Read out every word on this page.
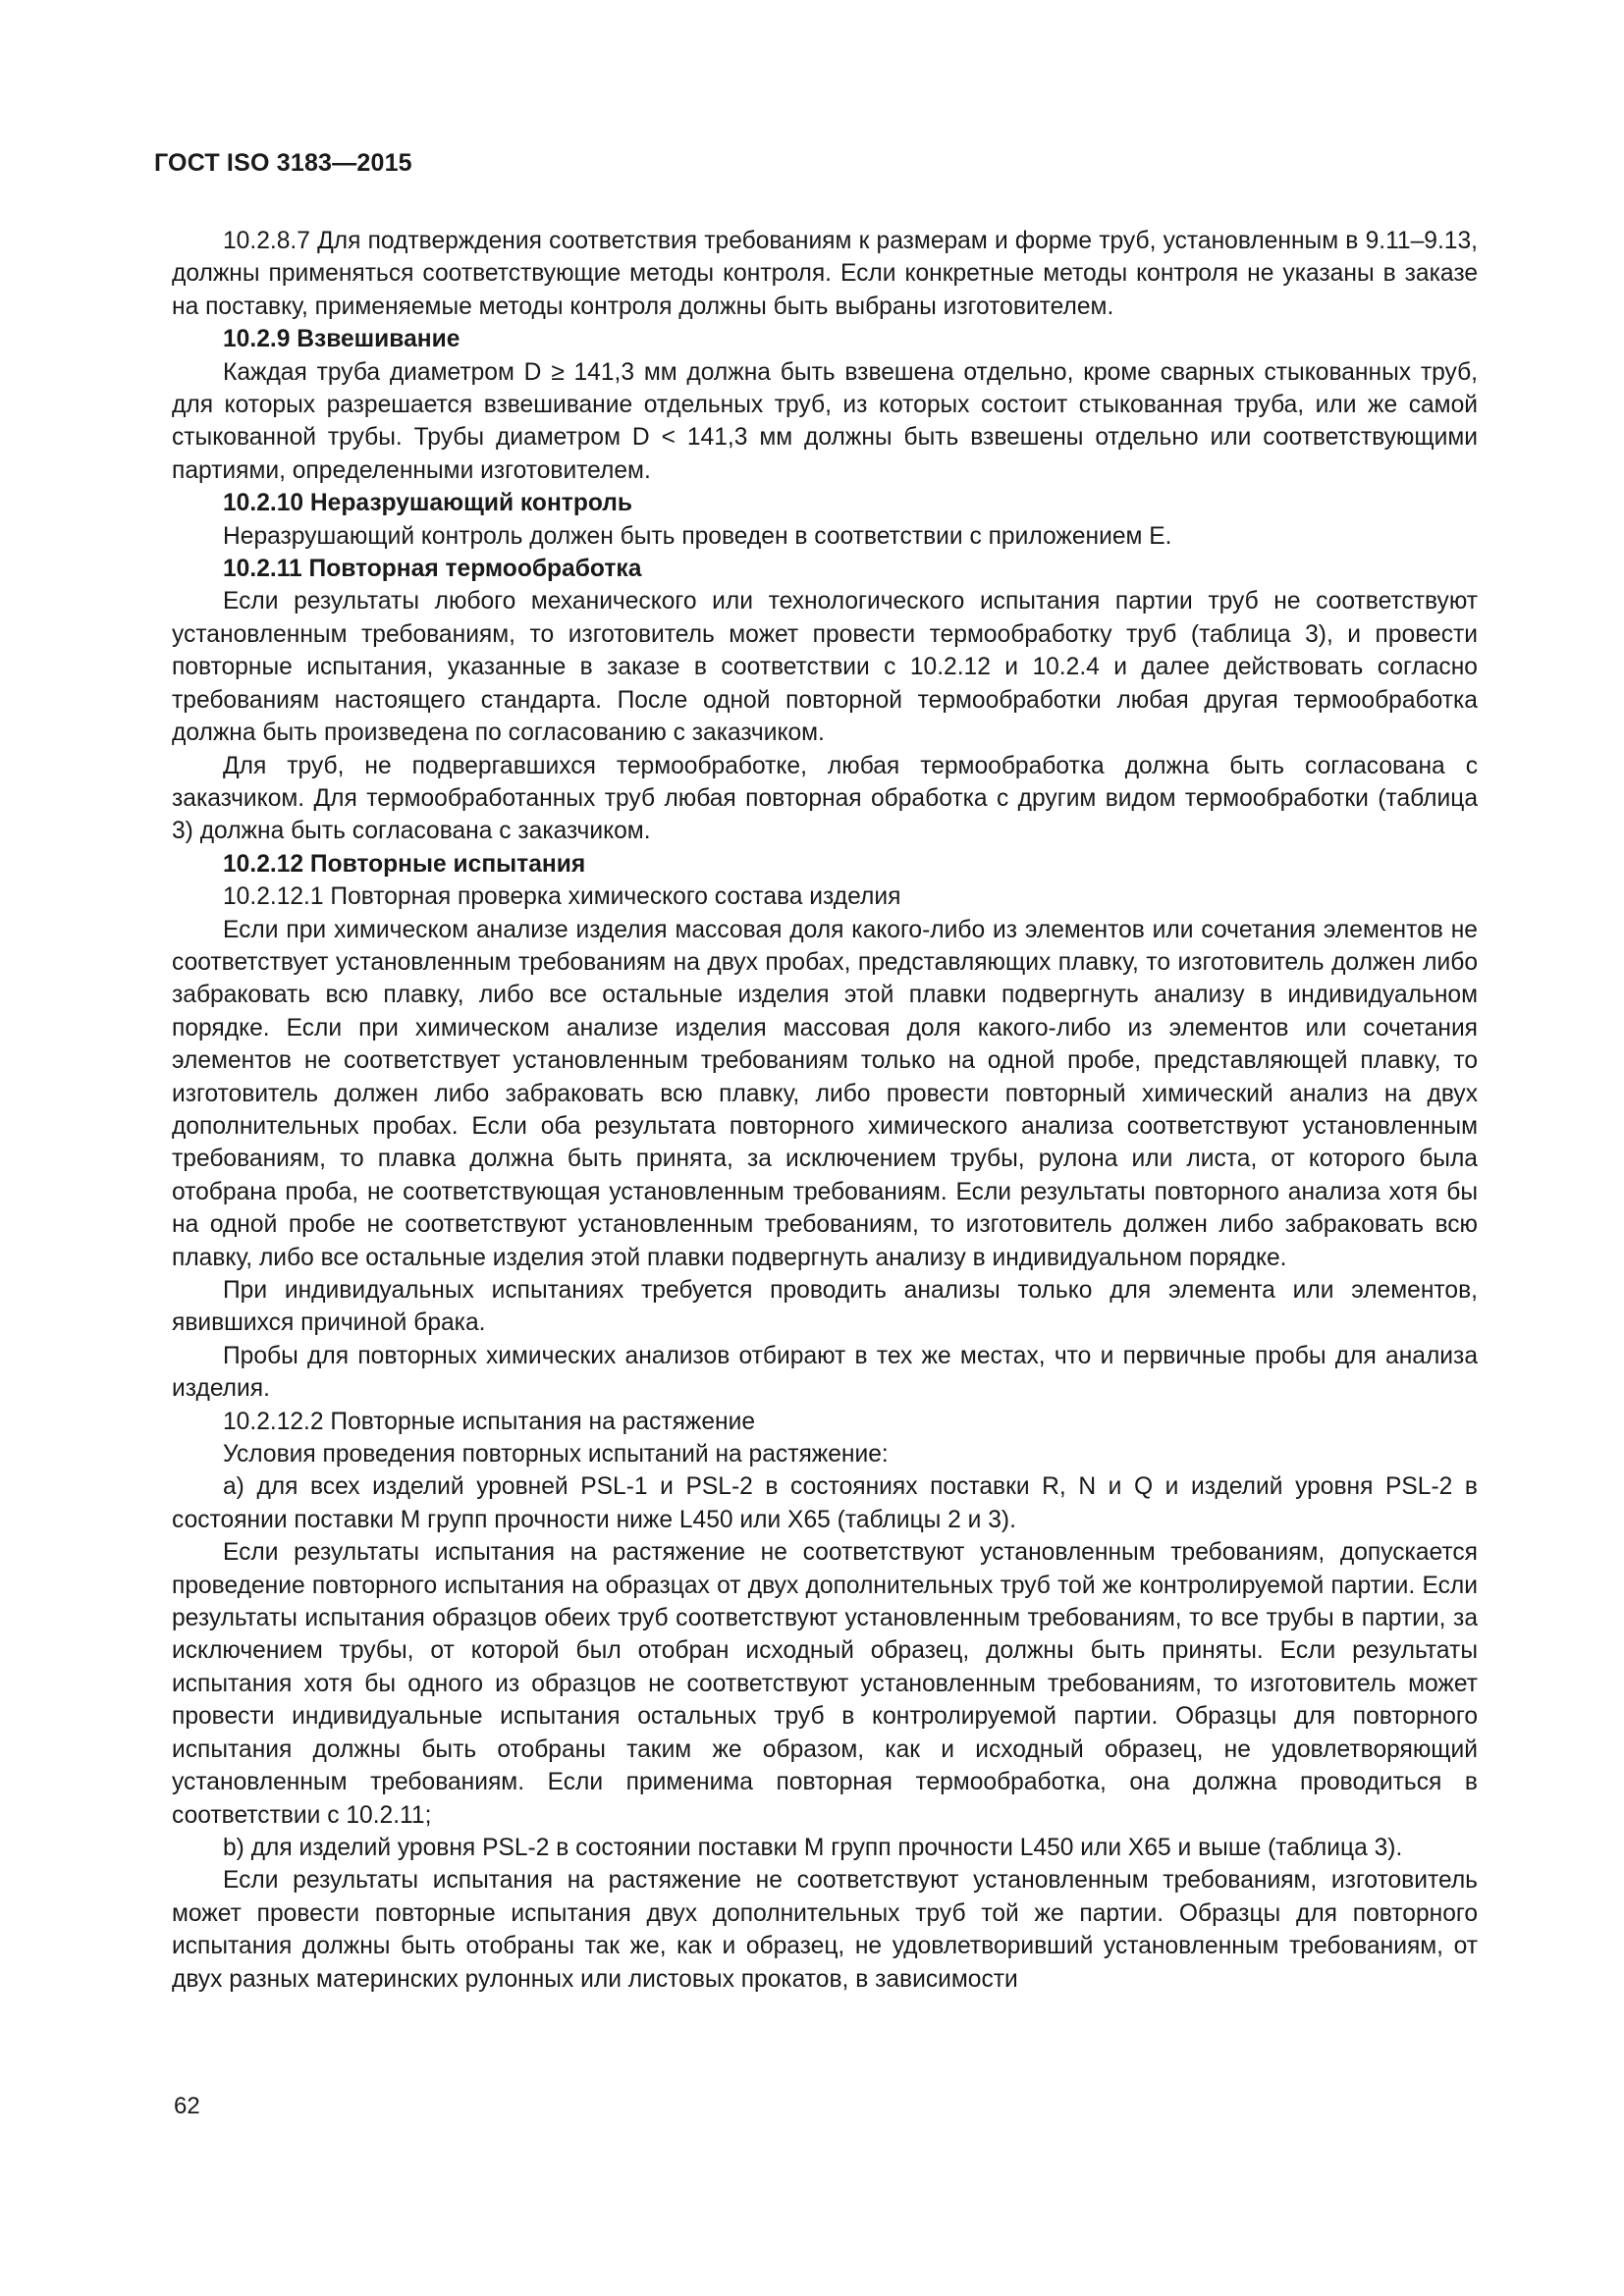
ГОСТ ISO 3183—2015

10.2.8.7 Для подтверждения соответствия требованиям к размерам и форме труб, установленным в 9.11–9.13, должны применяться соответствующие методы контроля. Если конкретные методы контроля не указаны в заказе на поставку, применяемые методы контроля должны быть выбраны изготовителем.

10.2.9 Взвешивание

Каждая труба диаметром D ≥ 141,3 мм должна быть взвешена отдельно, кроме сварных стыкованных труб, для которых разрешается взвешивание отдельных труб, из которых состоит стыкованная труба, или же самой стыкованной трубы. Трубы диаметром D < 141,3 мм должны быть взвешены отдельно или соответствующими партиями, определенными изготовителем.

10.2.10 Неразрушающий контроль

Неразрушающий контроль должен быть проведен в соответствии с приложением E.

10.2.11 Повторная термообработка

Если результаты любого механического или технологического испытания партии труб не соответствуют установленным требованиям, то изготовитель может провести термообработку труб (таблица 3), и провести повторные испытания, указанные в заказе в соответствии с 10.2.12 и 10.2.4 и далее действовать согласно требованиям настоящего стандарта. После одной повторной термообработки любая другая термообработка должна быть произведена по согласованию с заказчиком.

Для труб, не подвергавшихся термообработке, любая термообработка должна быть согласована с заказчиком. Для термообработанных труб любая повторная обработка с другим видом термообработки (таблица 3) должна быть согласована с заказчиком.

10.2.12 Повторные испытания

10.2.12.1 Повторная проверка химического состава изделия

Если при химическом анализе изделия массовая доля какого-либо из элементов или сочетания элементов не соответствует установленным требованиям на двух пробах, представляющих плавку, то изготовитель должен либо забраковать всю плавку, либо все остальные изделия этой плавки подвергнуть анализу в индивидуальном порядке. Если при химическом анализе изделия массовая доля какого-либо из элементов или сочетания элементов не соответствует установленным требованиям только на одной пробе, представляющей плавку, то изготовитель должен либо забраковать всю плавку, либо провести повторный химический анализ на двух дополнительных пробах. Если оба результата повторного химического анализа соответствуют установленным требованиям, то плавка должна быть принята, за исключением трубы, рулона или листа, от которого была отобрана проба, не соответствующая установленным требованиям. Если результаты повторного анализа хотя бы на одной пробе не соответствуют установленным требованиям, то изготовитель должен либо забраковать всю плавку, либо все остальные изделия этой плавки подвергнуть анализу в индивидуальном порядке.

При индивидуальных испытаниях требуется проводить анализы только для элемента или элементов, явившихся причиной брака.

Пробы для повторных химических анализов отбирают в тех же местах, что и первичные пробы для анализа изделия.

10.2.12.2 Повторные испытания на растяжение

Условия проведения повторных испытаний на растяжение:

a) для всех изделий уровней PSL-1 и PSL-2 в состояниях поставки R, N и Q и изделий уровня PSL-2 в состоянии поставки M групп прочности ниже L450 или X65 (таблицы 2 и 3).

Если результаты испытания на растяжение не соответствуют установленным требованиям, допускается проведение повторного испытания на образцах от двух дополнительных труб той же контролируемой партии. Если результаты испытания образцов обеих труб соответствуют установленным требованиям, то все трубы в партии, за исключением трубы, от которой был отобран исходный образец, должны быть приняты. Если результаты испытания хотя бы одного из образцов не соответствуют установленным требованиям, то изготовитель может провести индивидуальные испытания остальных труб в контролируемой партии. Образцы для повторного испытания должны быть отобраны таким же образом, как и исходный образец, не удовлетворяющий установленным требованиям. Если применима повторная термообработка, она должна проводиться в соответствии с 10.2.11;

b) для изделий уровня PSL-2 в состоянии поставки M групп прочности L450 или X65 и выше (таблица 3).

Если результаты испытания на растяжение не соответствуют установленным требованиям, изготовитель может провести повторные испытания двух дополнительных труб той же партии. Образцы для повторного испытания должны быть отобраны так же, как и образец, не удовлетворивший установленным требованиям, от двух разных материнских рулонных или листовых прокатов, в зависимости

62
